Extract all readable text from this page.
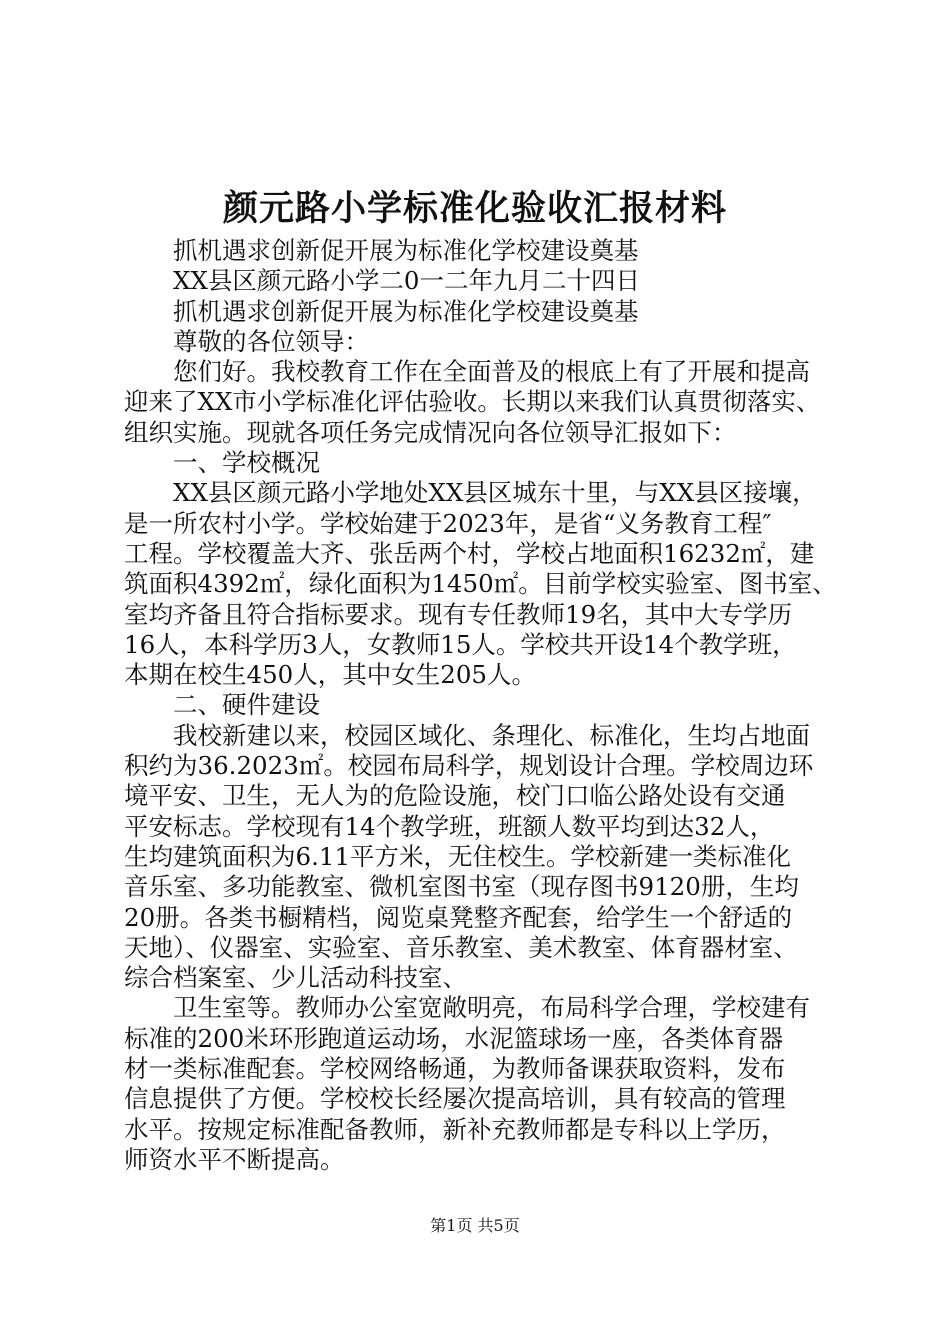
颜元路小学标准化验收汇报材料
　　抓机遇求创新促开展为标准化学校建设奠基
　　XX县区颜元路小学二0一二年九月二十四日
　　抓机遇求创新促开展为标准化学校建设奠基
　　尊敬的各位领导：
　　您们好。我校教育工作在全面普及的根底上有了开展和提高
迎来了XX市小学标准化评估验收。长期以来我们认真贯彻落实、
组织实施。现就各项任务完成情况向各位领导汇报如下：
　　一、学校概况
　　XX县区颜元路小学地处XX县区城东十里，与XX县区接壤，
是一所农村小学。学校始建于2023年，是省“义务教育工程″
工程。学校覆盖大齐、张岳两个村，学校占地面积16232㎡，建
筑面积4392㎡，绿化面积为1450㎡。目前学校实验室、图书室、
室均齐备且符合指标要求。现有专任教师19名，其中大专学历
16人，本科学历3人，女教师15人。学校共开设14个教学班，
本期在校生450人，其中女生205人。
　　二、硬件建设
　　我校新建以来，校园区域化、条理化、标准化，生均占地面
积约为36.2023㎡。校园布局科学，规划设计合理。学校周边环
境平安、卫生，无人为的危险设施，校门口临公路处设有交通
平安标志。学校现有14个教学班，班额人数平均到达32人，
生均建筑面积为6.11平方米，无住校生。学校新建一类标准化
音乐室、多功能教室、微机室图书室（现存图书9120册，生均
20册。各类书橱精档，阅览桌凳整齐配套，给学生一个舒适的
天地）、仪器室、实验室、音乐教室、美术教室、体育器材室、
综合档案室、少儿活动科技室、
　　卫生室等。教师办公室宽敞明亮，布局科学合理，学校建有
标准的200米环形跑道运动场，水泥篮球场一座，各类体育器
材一类标准配套。学校网络畅通，为教师备课获取资料，发布
信息提供了方便。学校校长经屡次提高培训，具有较高的管理
水平。按规定标准配备教师，新补充教师都是专科以上学历，
师资水平不断提高。
第1页 共5页
